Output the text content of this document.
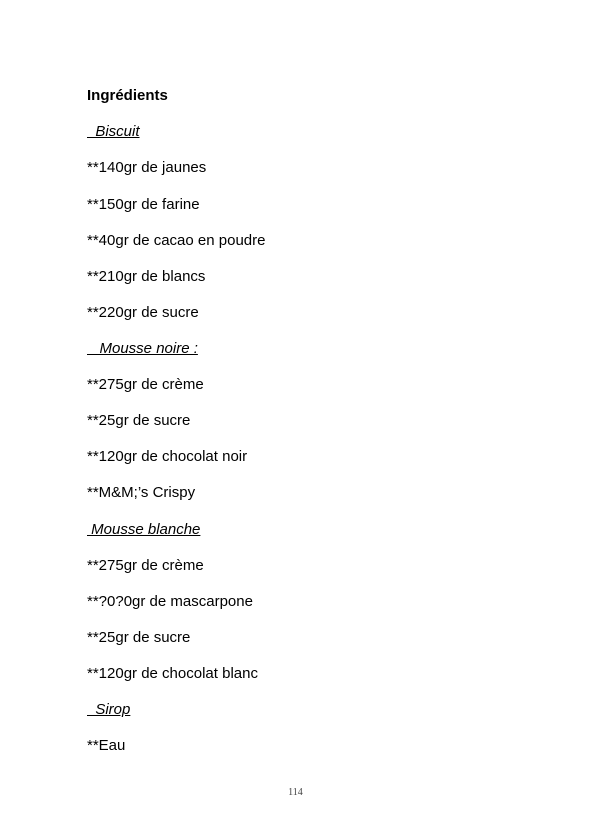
Ingrédients
Biscuit
**140gr de jaunes
**150gr de farine
**40gr de cacao en poudre
**210gr de blancs
**220gr de sucre
Mousse noire :
**275gr de crème
**25gr de sucre
**120gr de chocolat noir
**M&M;’s Crispy
Mousse blanche
**275gr de crème
**?0?0gr de mascarpone
**25gr de sucre
**120gr de chocolat blanc
Sirop
**Eau
114
